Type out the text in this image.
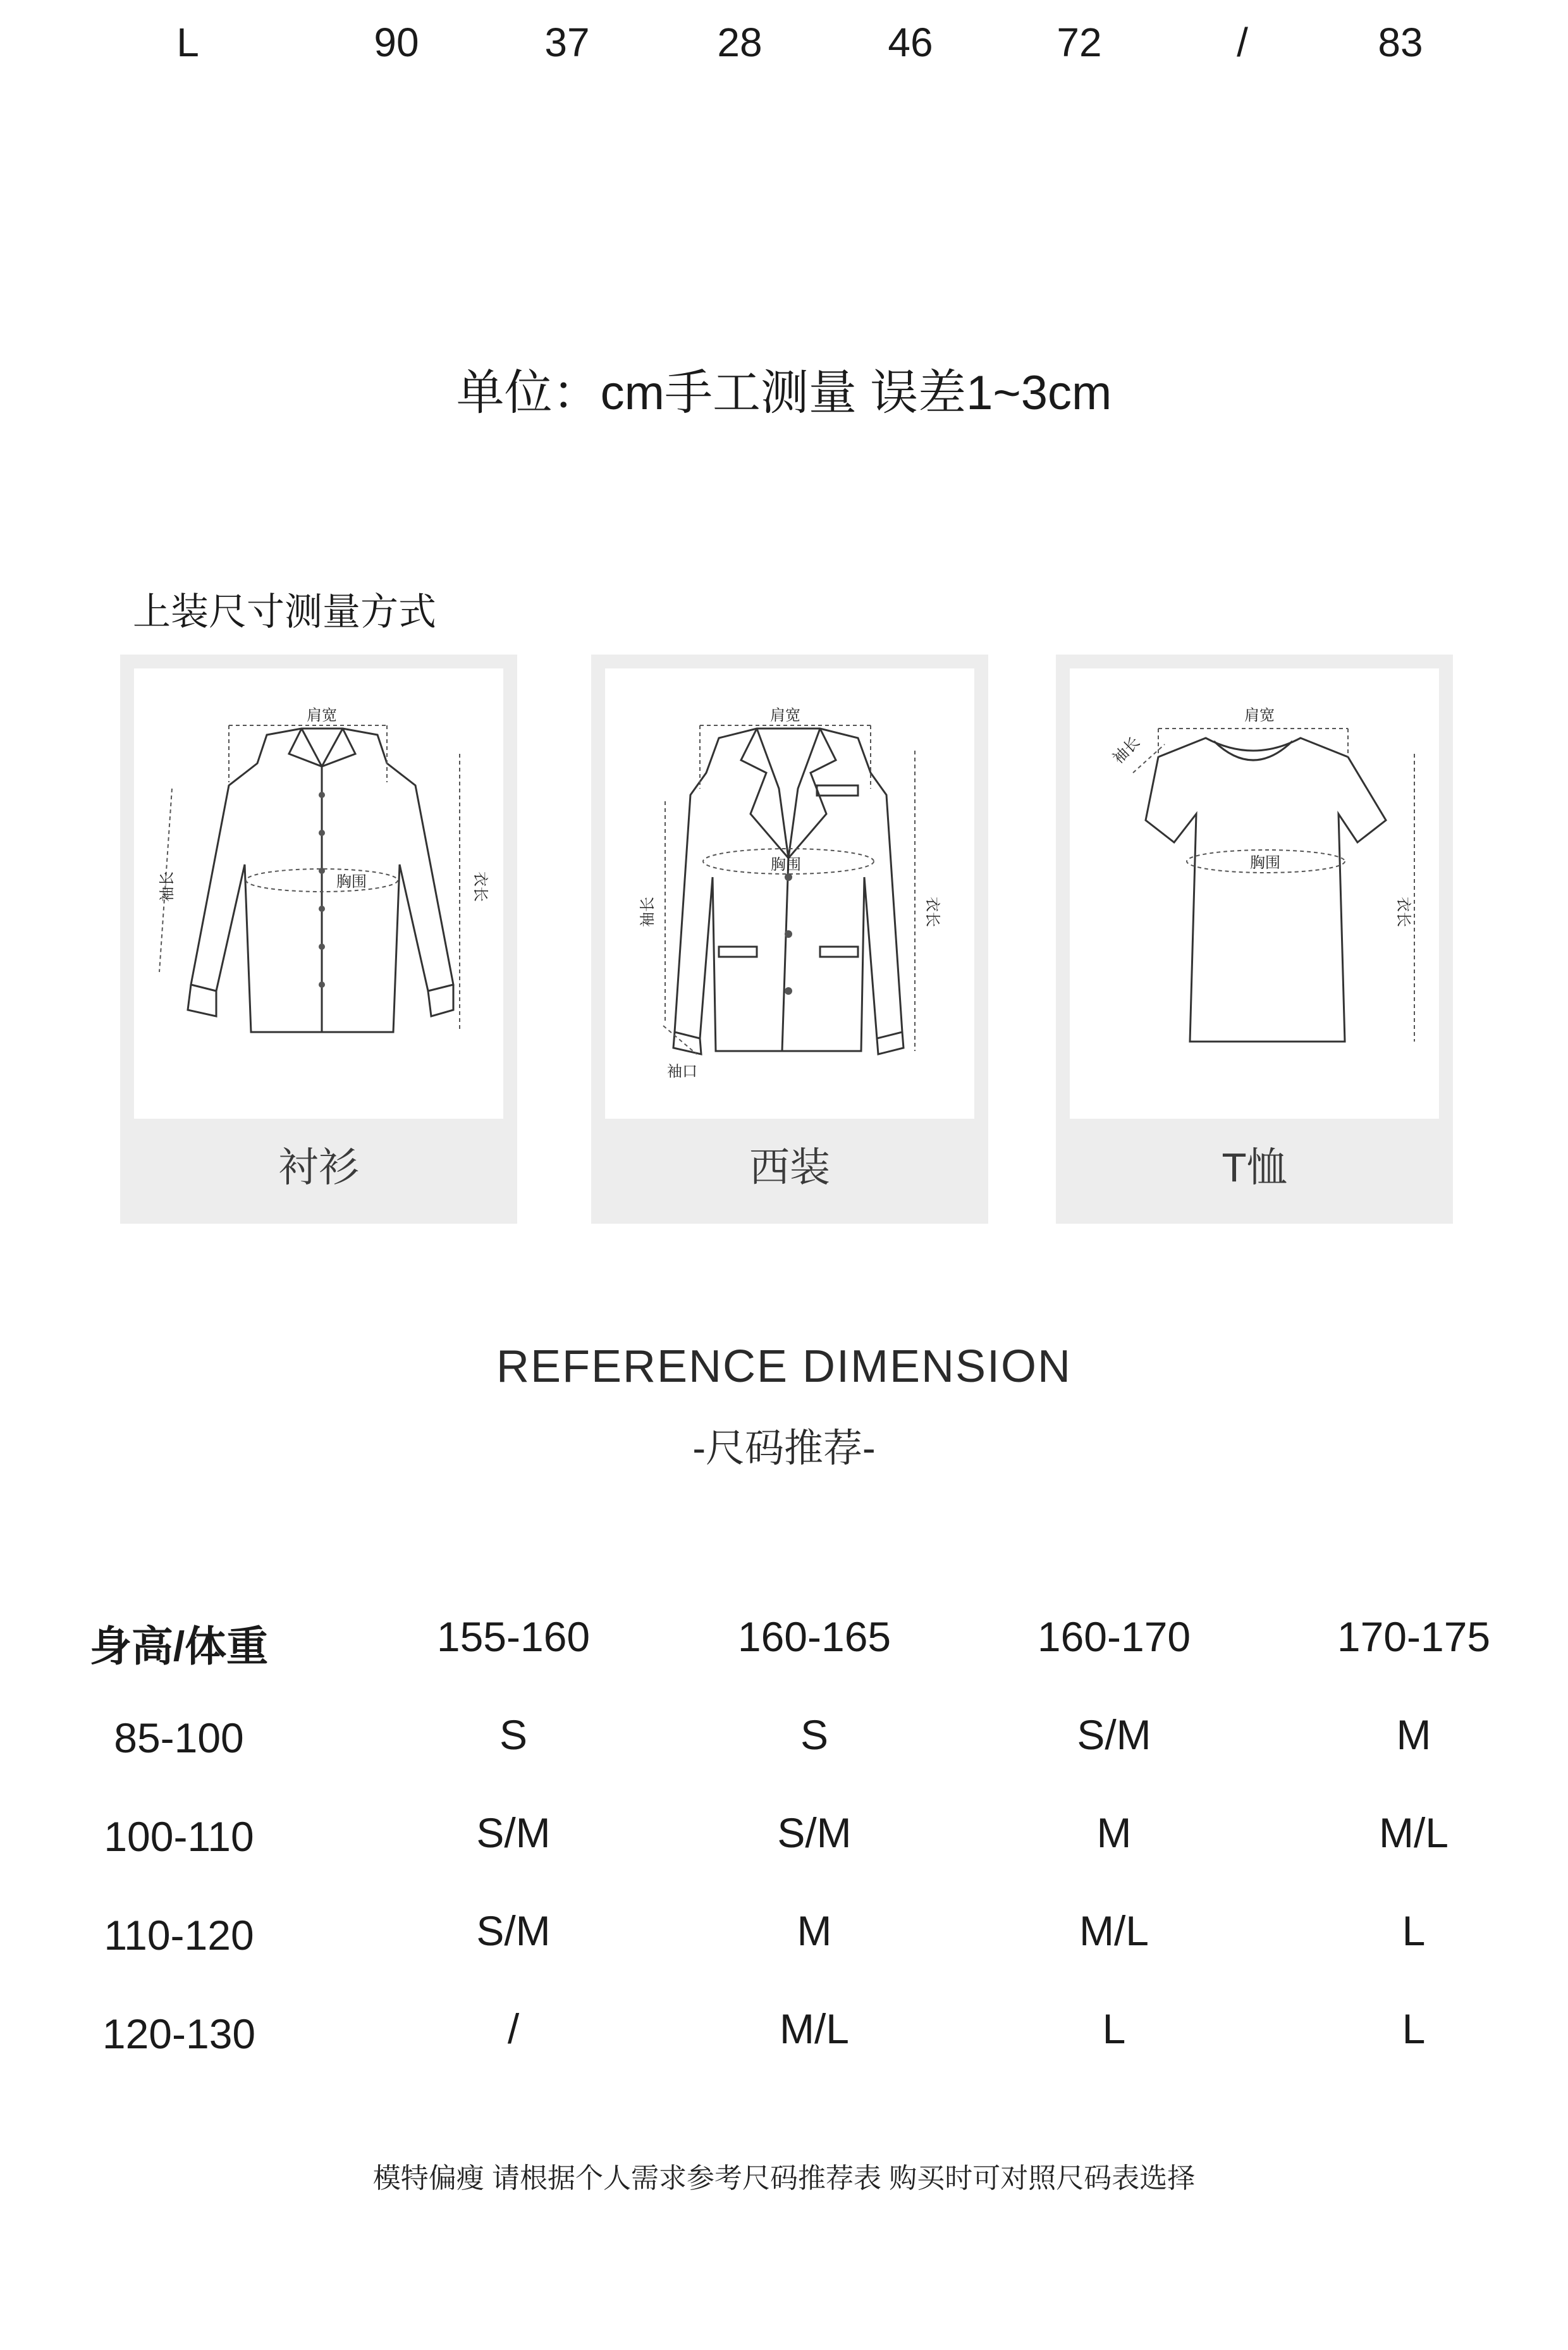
L	90	37	28	46	72	/	83
单位：cm手工测量 误差1~3cm
上装尺寸测量方式
肩宽
胸围
袖长	衣长
衬衫
肩宽
胸围
袖长	衣长
袖口
西装
肩宽
胸围
袖长
衣长
T恤
REFERENCE DIMENSION
-尺码推荐-
身高/体重	155-160	160-165	160-170	170-175
85-100	S	S	S/M	M
100-110	S/M	S/M	M	M/L
110-120	S/M	M	M/L	L
120-130	/	M/L	L	L
模特偏瘦 请根据个人需求参考尺码推荐表 购买时可对照尺码表选择
